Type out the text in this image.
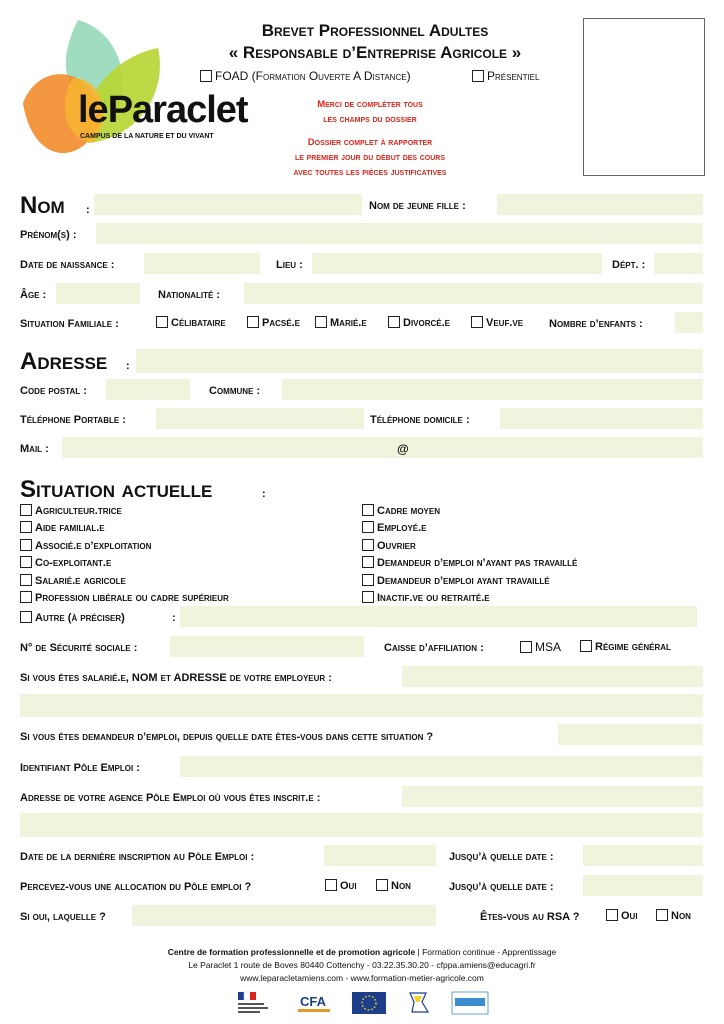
leParaclet
CAMPUS DE LA NATURE ET DU VIVANT
Brevet Professionnel Adultes
« Responsable d’Entreprise Agricole »
FOAD (Formation Ouverte A Distance)	Présentiel
Merci de compléter tous
les champs du dossier
Dossier complet à rapporter
le premier jour du début des cours
avec toutes les pièces justificatives
Nom :	Nom de jeune fille :
Prénom(s) :
Date de naissance :	Lieu :	Dépt. :
Âge :	Nationalité :
Situation Familiale :	Célibataire	Pacsé.e	Marié.e	Divorcé.e	Veuf.ve Nombre d’enfants :
Adresse :
Code postal :	Commune :
Téléphone Portable :	Téléphone domicile :
Mail :	@
Situation actuelle	:
Agriculteur.trice
Aide familial.e
Associé.e d’exploitation
Co-exploitant.e
Salarié.e agricole
Profession libérale ou cadre supérieur
Cadre moyen
Employé.e
Ouvrier
Demandeur d’emploi n’ayant pas travaillé
Demandeur d’emploi ayant travaillé
Inactif.ve ou retraité.e
Autre (à préciser)	:
N° de Sécurité sociale :	Caisse d’affiliation :	MSA	Régime général
Si vous êtes salarié.e, NOM et ADRESSE de votre employeur :
Si vous êtes demandeur d’emploi, depuis quelle date êtes-vous dans cette situation ?
Identifiant Pôle Emploi :
Adresse de votre agence Pôle Emploi où vous êtes inscrit.e :
Date de la dernière inscription au Pôle Emploi :	Jusqu’à quelle date :
Percevez-vous une allocation du Pôle emploi ?	Oui	Non	Jusqu’à quelle date :
Si oui, laquelle ?	Êtes-vous au RSA ?	Oui	Non
Centre de formation professionnelle et de promotion agricole | Formation continue - Apprentissage
Le Paraclet 1 route de Boves 80440 Cottenchy - 03.22.35.30.20 - cfppa.amiens@educagri.fr
www.leparacletamiens.com - www.formation-metier-agricole.com
CFA
